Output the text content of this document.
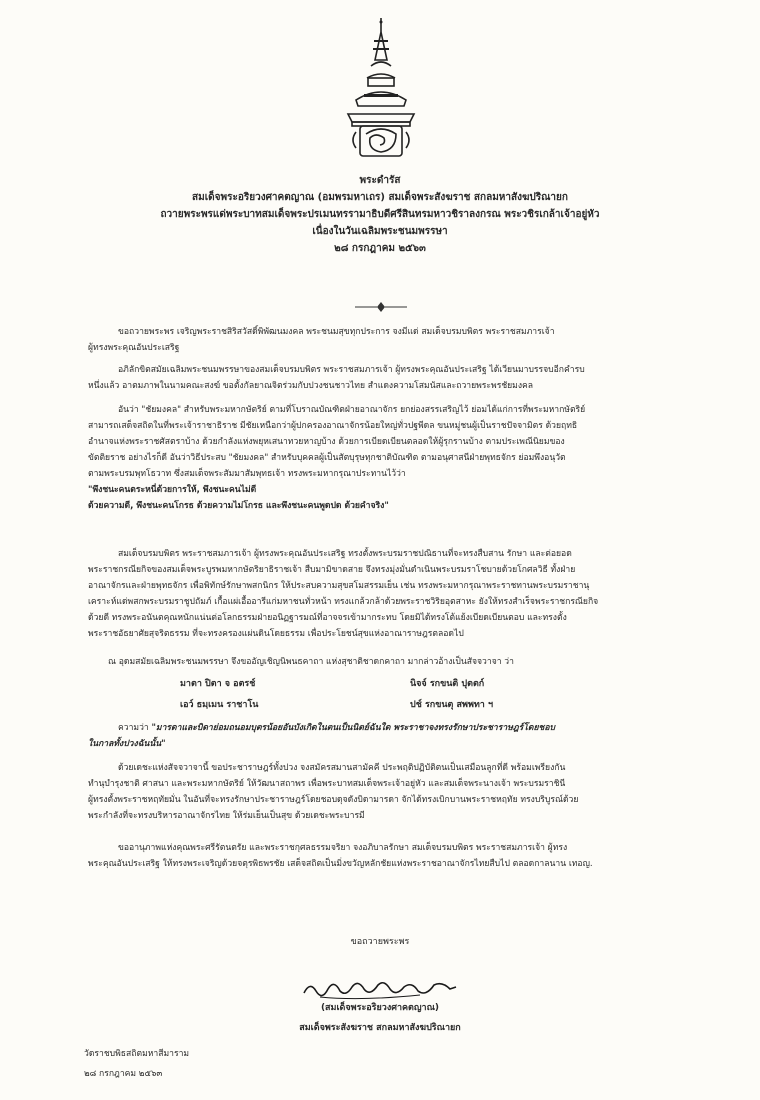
พระดำรัส
สมเด็จพระอริยวงศาคตญาณ (อมพรมหาเถร) สมเด็จพระสังฆราช สกลมหาสังฆปริณายก
ถวายพระพรแด่พระบาทสมเด็จพระปรเมนทรรามาธิบดีศรีสินทรมหาวชิราลงกรณ พระวชิรเกล้าเจ้าอยู่หัว
เนื่องในวันเฉลิมพระชนมพรรษา
๒๘ กรกฎาคม ๒๕๖๓
ขอถวายพระพร เจริญพระราชสิริสวัสดิ์พิพัฒนมงคล พระชนมสุขทุกประการ จงมีแด่ สมเด็จบรมบพิตร พระราชสมภารเจ้า
ผู้ทรงพระคุณอันประเสริฐ
อภิลักขิตสมัยเฉลิมพระชนมพรรษาของสมเด็จบรมบพิตร พระราชสมภารเจ้า ผู้ทรงพระคุณอันประเสริฐ ได้เวียนมาบรรจบอีกคำรบ
หนึ่งแล้ว อาตมภาพในนามคณะสงฆ์ ขอตั้งกัลยาณจิตร่วมกับปวงชนชาวไทย สำแดงความโสมนัสและถวายพระพรชัยมงคล
อันว่า "ชัยมงคล" สำหรับพระมหากษัตริย์ ตามที่โบราณบัณฑิตฝ่ายอาณาจักร ยกย่องสรรเสริญไว้ ย่อมได้แก่การที่พระมหากษัตริย์
สามารถเสด็จสถิตในที่พระเจ้าราชาธิราช มีชัยเหนือกว่าผู้ปกครองอาณาจักรน้อยใหญ่ทั่วปฐพีดล ขนหมู่ชนผู้เป็นราชปัจจามิตร ด้วยฤทธิ
อำนาจแห่งพระราชศัสตราบ้าง ด้วยกำลังแห่งพยุหเสนาทวยหาญบ้าง ด้วยการเบียดเบียนตลอดให้ผู้รุกรานบ้าง ตามประเพณีนิยมของ
ขัตติยราช อย่างไรก็ดี อันว่าวิธีประสบ "ชัยมงคล" สำหรับบุคคลผู้เป็นสัตบุรุษทุกชาติบัณฑิต ตามอนุศาสนีฝ่ายพุทธจักร ย่อมพึงอนุวัต
ตามพระบรมพุทโธวาท ซึ่งสมเด็จพระสัมมาสัมพุทธเจ้า ทรงพระมหากรุณาประทานไว้ว่า
"พึงชนะคนตระหนี่ด้วยการให้, พึงชนะคนไม่ดี
ด้วยความดี, พึงชนะคนโกรธ ด้วยความไม่โกรธ และพึงชนะคนพูดปด ด้วยคำจริง"
สมเด็จบรมบพิตร พระราชสมภารเจ้า ผู้ทรงพระคุณอันประเสริฐ ทรงตั้งพระบรมราชปณิธานที่จะทรงสืบสาน รักษา และต่อยอด
พระราชกรณียกิจของสมเด็จพระบูรพมหากษัตริยาธิราชเจ้า สืบมามิขาดสาย จึงทรงมุ่งมั่นดำเนินพระบรมราโชบายด้วยโกศลวิธี ทั้งฝ่าย
อาณาจักรและฝ่ายพุทธจักร เพื่อพิทักษ์รักษาพสกนิกร ให้ประสบความสุขสโมสรรมเย็น เช่น ทรงพระมหากรุณาพระราชทานพระบรมราชานุ
เคราะห์แด่พสกพระบรมราชูปถัมภ์ เกื้อแผ่เอื้ออารีแก่มหาชนทั่วหน้า ทรงแกล้วกล้าด้วยพระราชวิริยอุตสาหะ ยังให้ทรงสำเร็จพระราชกรณียกิจ
ด้วยดี ทรงพระอนันตคุณหนักแน่นต่อโลกธรรมฝ่ายอนิฏฐารมณ์ที่อาจจรเข้ามากระทบ โดยมิได้ทรงโต้แย้งเบียดเบียนตอบ และทรงตั้ง
พระราชอัธยาศัยสุจริตธรรม ที่จะทรงครองแผ่นดินโดยธรรม เพื่อประโยชน์สุขแห่งอาณาราษฎรตลอดไป
ณ อุดมสมัยเฉลิมพระชนมพรรษา จึงขออัญเชิญนิพนธคาถา แห่งสุชาติชาดกคาถา มากล่าวอ้างเป็นสัจจวาจา ว่า
มาตา ปิตา จ อตรช์	นิจจ์ รกขนติ ปุตตก์
เอว์ ธมฺเมน ราชาโน	ปช์ รกขนตุ สพพทา ฯ
ความว่า "มารดาและบิดาย่อมถนอมบุตรน้อยอันบังเกิดในตนเป็นนิตย์ฉันใด พระราชาจงทรงรักษาประชาราษฎร์โดยชอบ
ในกาลทั้งปวงฉันนั้น"
ด้วยเดชะแห่งสัจจวาจานี้ ขอประชาราษฎร์ทั้งปวง จงสมัครสมานสามัคคี ประพฤติปฏิบัติตนเป็นเสมือนลูกที่ดี พร้อมเพรียงกัน
ทำนุบำรุงชาติ ศาสนา และพระมหากษัตริย์ ให้วัฒนาสถาพร เพื่อพระบาทสมเด็จพระเจ้าอยู่หัว และสมเด็จพระนางเจ้า พระบรมราชินี
ผู้ทรงตั้งพระราชหฤทัยมั่น ในอันที่จะทรงรักษาประชาราษฎร์โดยชอบดุจดังบิดามารดา จักได้ทรงเบิกบานพระราชหฤทัย ทรงบริบูรณ์ด้วย
พระกำลังที่จะทรงบริหารอาณาจักรไทย ให้ร่มเย็นเป็นสุข ด้วยเดชะพระบารมี
ขออานุภาพแห่งคุณพระศรีรัตนตรัย และพระราชกุศลธรรมจริยา จงอภิบาลรักษา สมเด็จบรมบพิตร พระราชสมภารเจ้า ผู้ทรง
พระคุณอันประเสริฐ ให้ทรงพระเจริญด้วยจตุรพิธพรชัย เสด็จสถิตเป็นมิ่งขวัญหลักชัยแห่งพระราชอาณาจักรไทยสืบไป ตลอดกาลนาน เทอญ.
ขอถวายพระพร
(สมเด็จพระอริยวงศาคตญาณ)
สมเด็จพระสังฆราช สกลมหาสังฆปริณายก
วัดราชบพิธสถิตมหาสีมาราม
๒๘ กรกฎาคม ๒๕๖๓
